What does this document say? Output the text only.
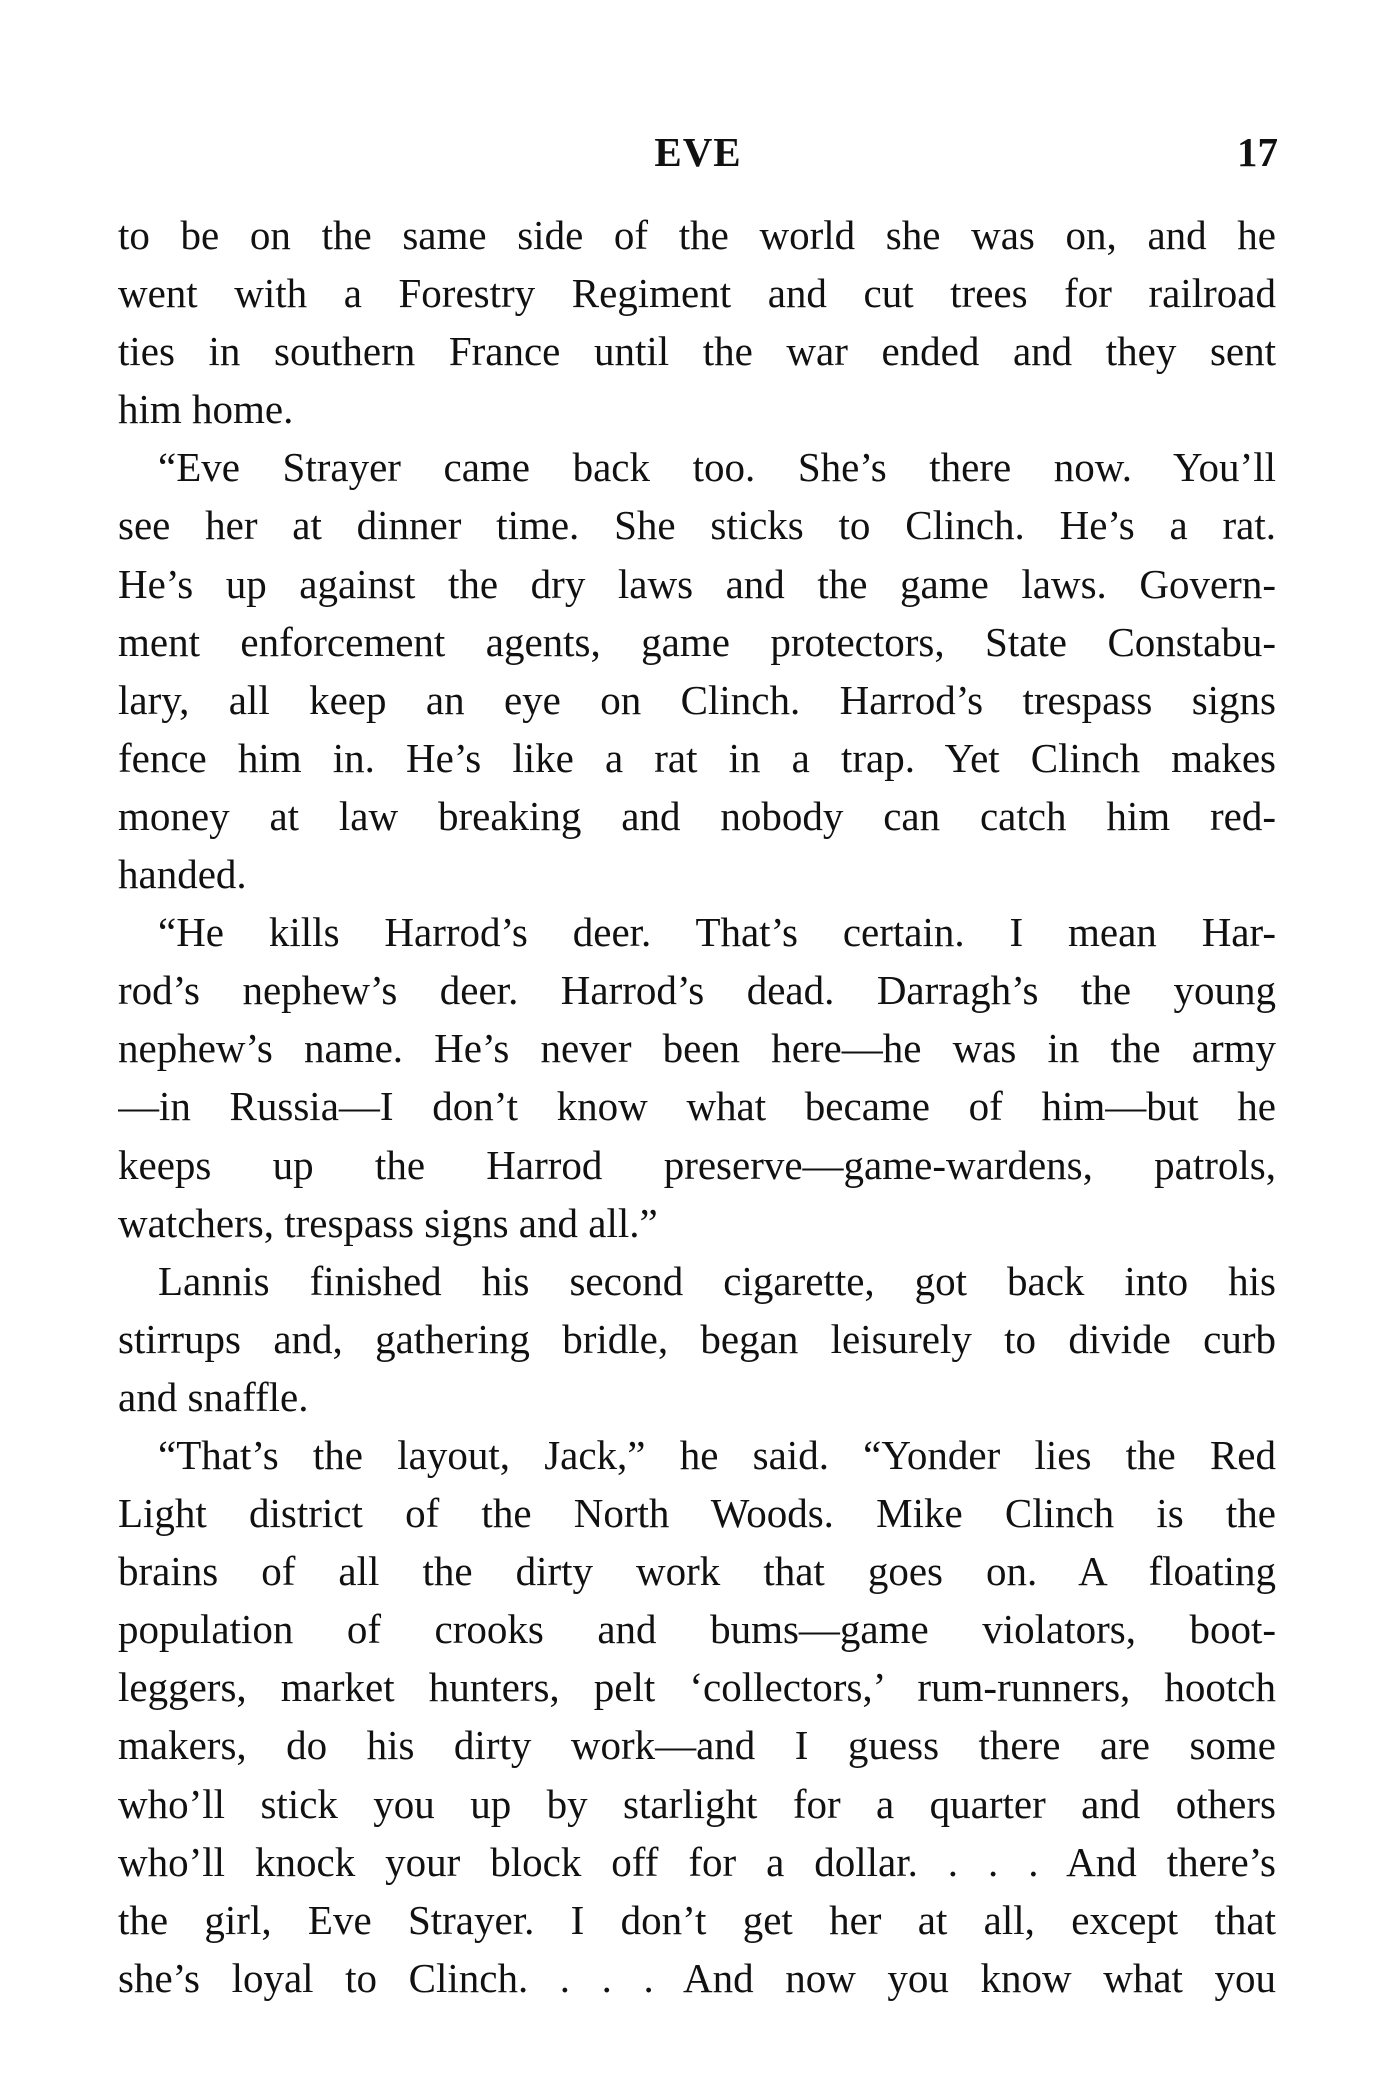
EVE	17
to be on the same side of the world she was on, and he
went with a Forestry Regiment and cut trees for railroad
ties in southern France until the war ended and they sent
him home.
“Eve Strayer came back too. She’s there now. You’ll
see her at dinner time. She sticks to Clinch. He’s a rat.
He’s up against the dry laws and the game laws. Govern-
ment enforcement agents, game protectors, State Constabu-
lary, all keep an eye on Clinch. Harrod’s trespass signs
fence him in. He’s like a rat in a trap. Yet Clinch makes
money at law breaking and nobody can catch him red-
handed.
“He kills Harrod’s deer. That’s certain. I mean Har-
rod’s nephew’s deer. Harrod’s dead. Darragh’s the young
nephew’s name. He’s never been here—he was in the army
—in Russia—I don’t know what became of him—but he
keeps up the Harrod preserve—game-wardens, patrols,
watchers, trespass signs and all.”
Lannis finished his second cigarette, got back into his
stirrups and, gathering bridle, began leisurely to divide curb
and snaffle.
“That’s the layout, Jack,” he said. “Yonder lies the Red
Light district of the North Woods. Mike Clinch is the
brains of all the dirty work that goes on. A floating
population of crooks and bums—game violators, boot-
leggers, market hunters, pelt ‘collectors,’ rum-runners, hootch
makers, do his dirty work—and I guess there are some
who’ll stick you up by starlight for a quarter and others
who’ll knock your block off for a dollar. . . . And there’s
the girl, Eve Strayer. I don’t get her at all, except that
she’s loyal to Clinch. . . . And now you know what you
